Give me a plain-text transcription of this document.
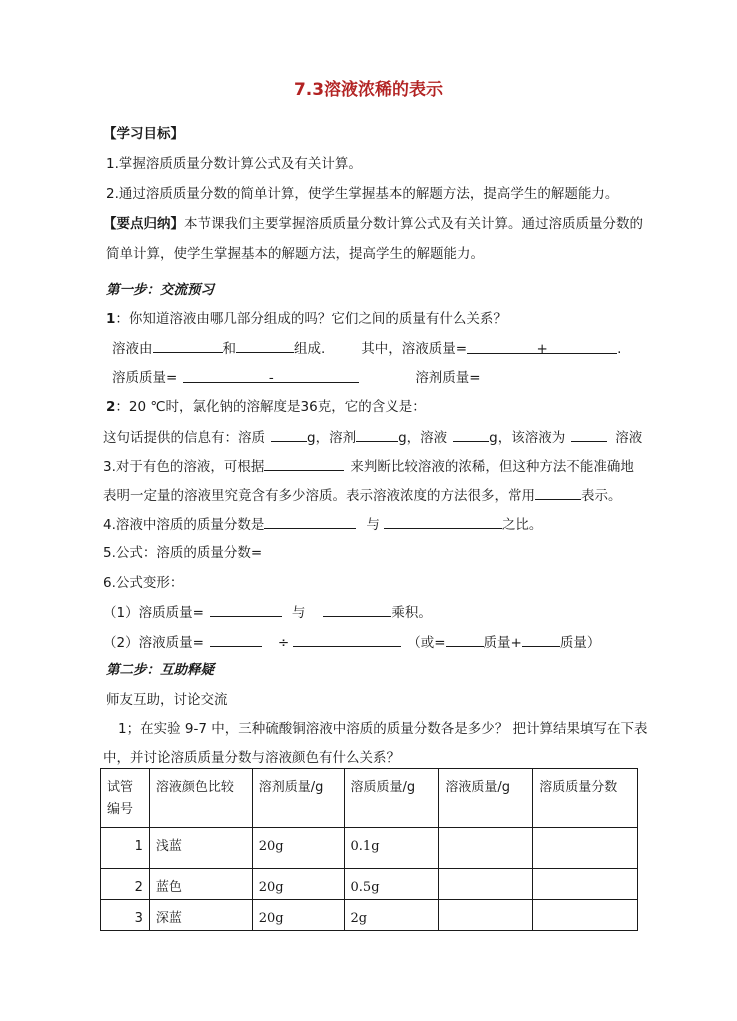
7.3溶液浓稀的表示
【学习目标】
1.掌握溶质质量分数计算公式及有关计算。
2.通过溶质质量分数的简单计算，使学生掌握基本的解题方法，提高学生的解题能力。
【要点归纳】本节课我们主要掌握溶质质量分数计算公式及有关计算。通过溶质质量分数的
简单计算，使学生掌握基本的解题方法，提高学生的解题能力。
第一步：交流预习
1：你知道溶液由哪几部分组成的吗？它们之间的质量有什么关系？
溶液由	和	组成.	其中，溶液质量=	+	.
溶质质量=	-	溶剂质量=
2：20 ℃时，氯化钠的溶解度是36克，它的含义是：
这句话提供的信息有：溶质	g，溶剂	g，溶液	g，该溶液为	溶液
3.对于有色的溶液，可根据	来判断比较溶液的浓稀，但这种方法不能准确地
表明一定量的溶液里究竟含有多少溶质。表示溶液浓度的方法很多，常用	表示。
4.溶液中溶质的质量分数是	与	之比。
5.公式：溶质的质量分数=
6.公式变形：
（1）溶质质量=	与	乘积。
（2）溶液质量=	÷	（或=	质量+	质量）
第二步：互助释疑
师友互助，讨论交流
1；在实验 9-7 中，三种硫酸铜溶液中溶质的质量分数各是多少？ 把计算结果填写在下表
中，并讨论溶质质量分数与溶液颜色有什么关系？
试管
编号	溶液颜色比较	溶剂质量/g	溶质质量/g	溶液质量/g	溶质质量分数
1	浅蓝	20g	0.1g		
2	蓝色	20g	0.5g		
3	深蓝	20g	2g		
